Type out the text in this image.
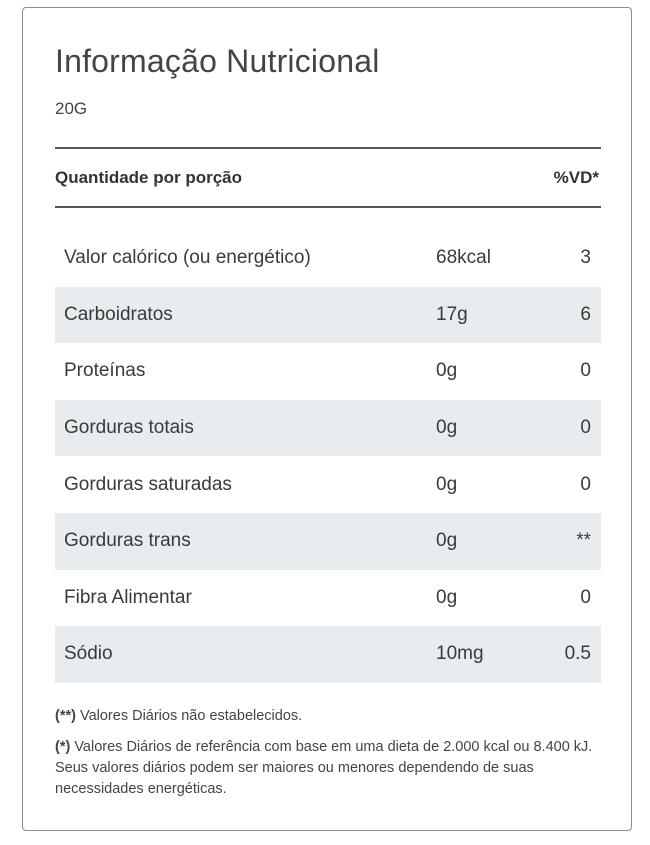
Informação Nutricional
20G
Quantidade por porção	%VD*
Valor calórico (ou energético)	68kcal	3
Carboidratos	17g	6
Proteínas	0g	0
Gorduras totais	0g	0
Gorduras saturadas	0g	0
Gorduras trans	0g	**
Fibra Alimentar	0g	0
Sódio	10mg	0.5

(**) Valores Diários não estabelecidos.

(*) Valores Diários de referência com base em uma dieta de 2.000 kcal ou 8.400 kJ. Seus valores diários podem ser maiores ou menores dependendo de suas necessidades energéticas.
